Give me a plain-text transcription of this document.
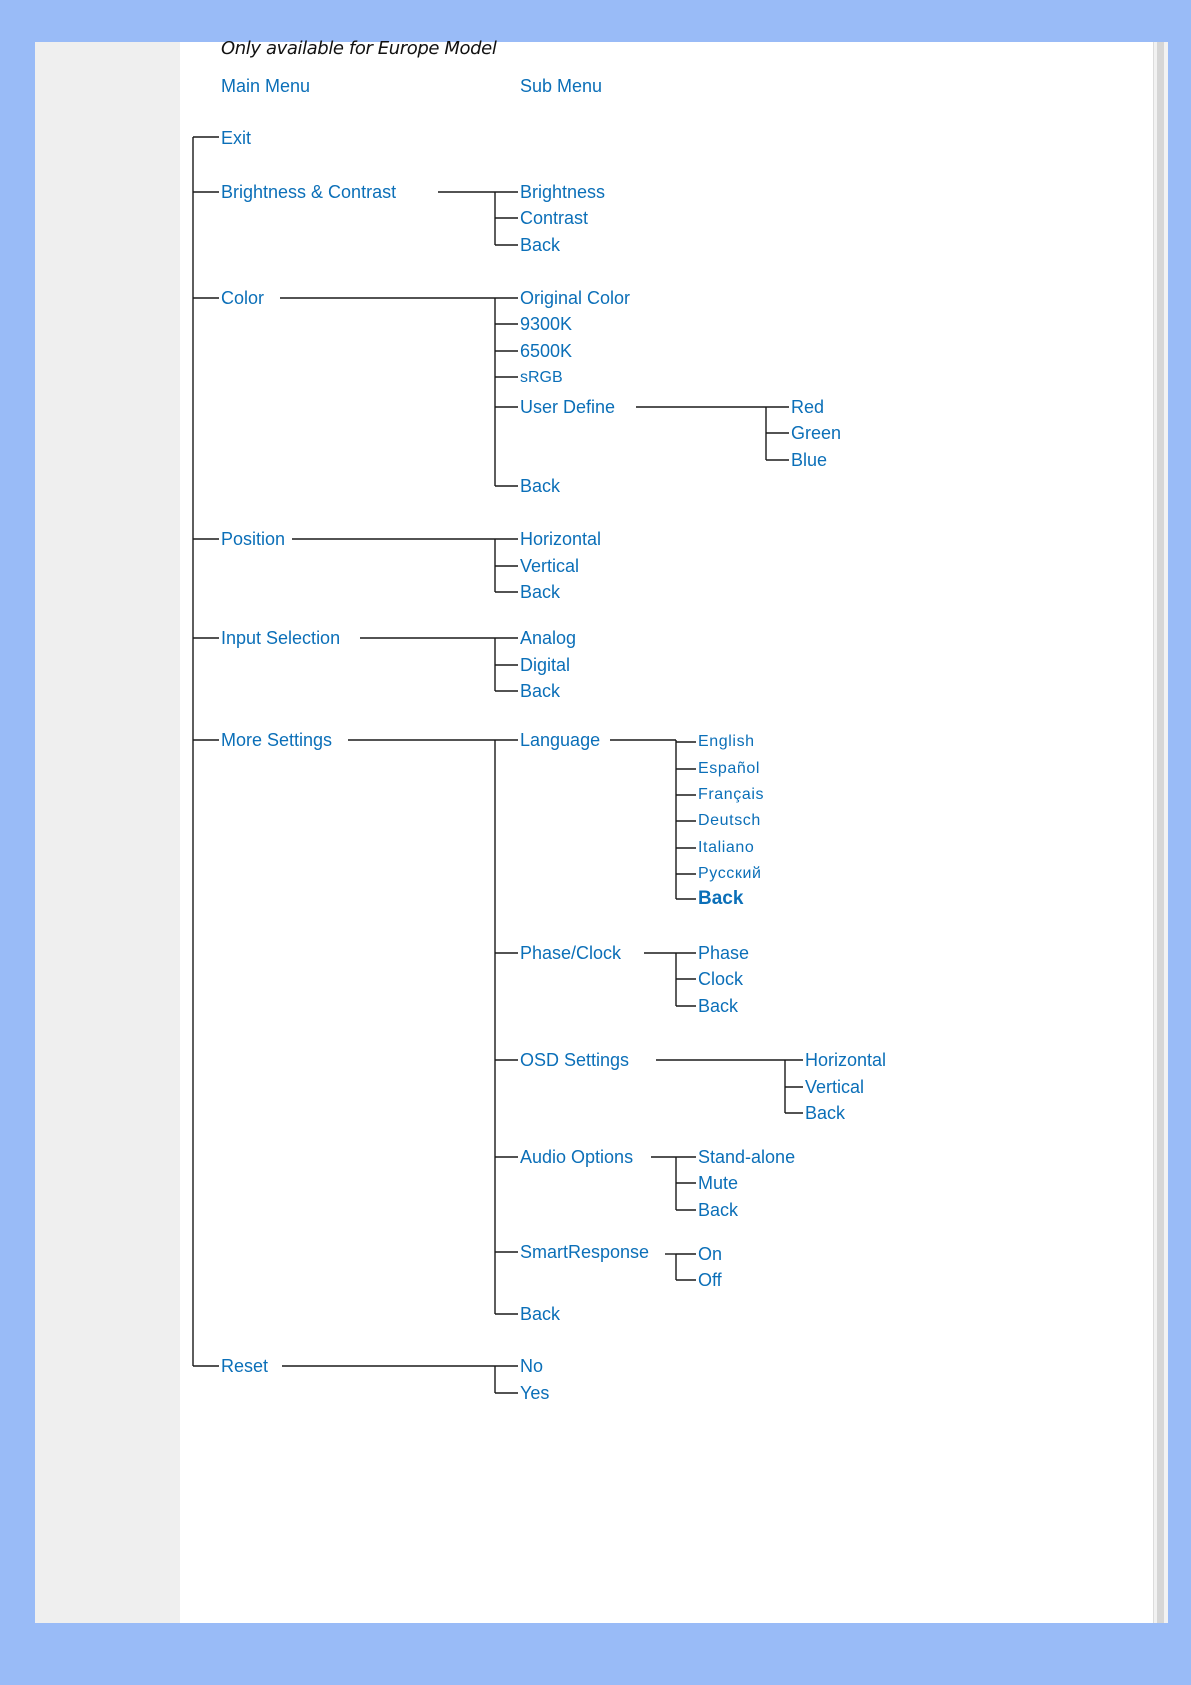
Only available for Europe Model
Main Menu	Sub Menu
Exit
Brightness & Contrast
Color
Position
Input Selection
More Settings
Reset
Brightness
Contrast
Back
Original Color
9300K
6500K
sRGB
User Define
Back
Red
Green
Blue
Horizontal
Vertical
Back
Analog
Digital
Back
Language
Phase/Clock
OSD Settings
Audio Options
SmartResponse
Back
English
Español
Français
Deutsch
Italiano
Русский
Back
Phase
Clock
Back
Horizontal
Vertical
Back
Stand-alone
Mute
Back
On
Off
No
Yes
